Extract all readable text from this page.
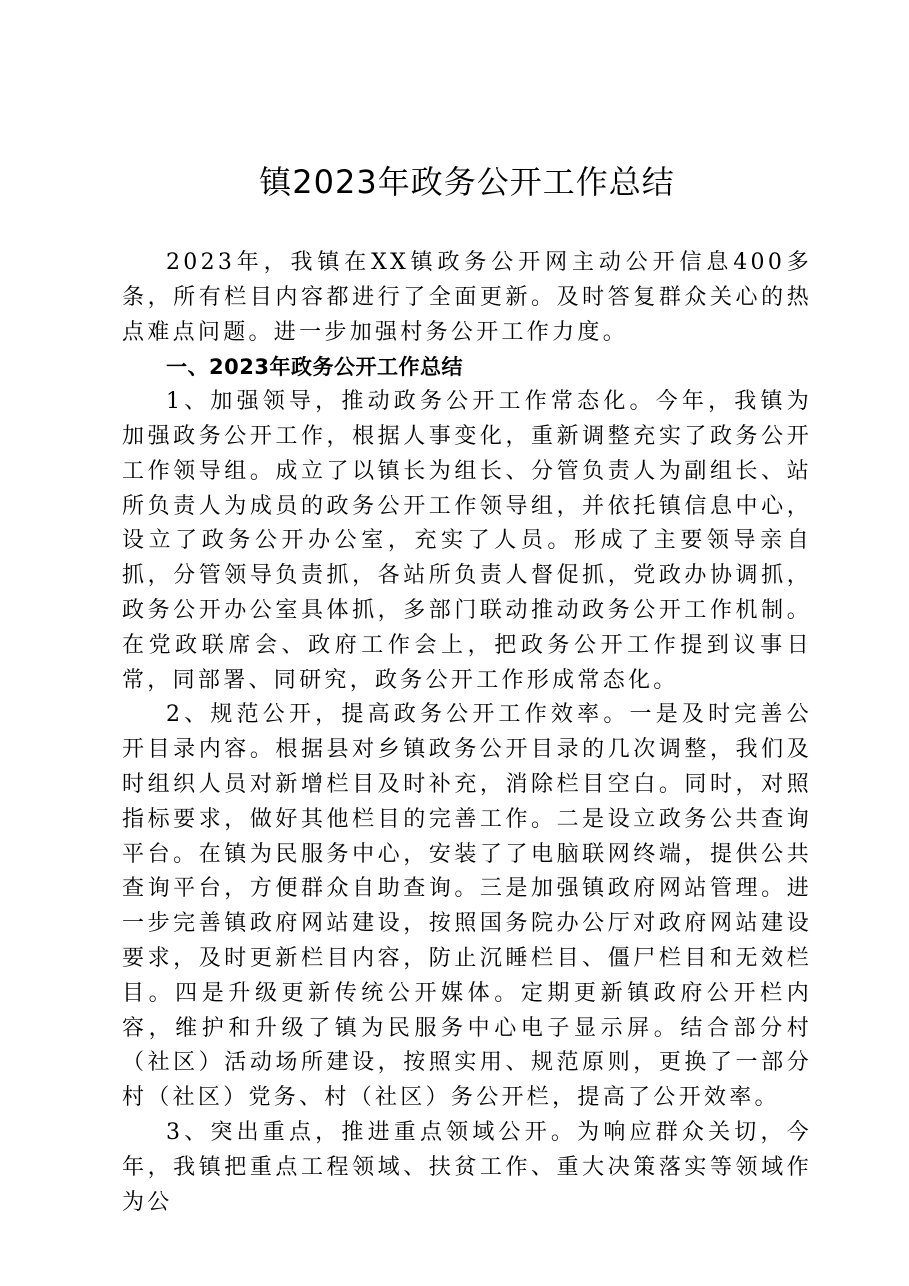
镇2023年政务公开工作总结

2023年，我镇在XX镇政务公开网主动公开信息400多条，所有栏目内容都进行了全面更新。及时答复群众关心的热点难点问题。进一步加强村务公开工作力度。

一、2023年政务公开工作总结

1、加强领导，推动政务公开工作常态化。今年，我镇为加强政务公开工作，根据人事变化，重新调整充实了政务公开工作领导组。成立了以镇长为组长、分管负责人为副组长、站所负责人为成员的政务公开工作领导组，并依托镇信息中心，设立了政务公开办公室，充实了人员。形成了主要领导亲自抓，分管领导负责抓，各站所负责人督促抓，党政办协调抓，政务公开办公室具体抓，多部门联动推动政务公开工作机制。在党政联席会、政府工作会上，把政务公开工作提到议事日常，同部署、同研究，政务公开工作形成常态化。

2、规范公开，提高政务公开工作效率。一是及时完善公开目录内容。根据县对乡镇政务公开目录的几次调整，我们及时组织人员对新增栏目及时补充，消除栏目空白。同时，对照指标要求，做好其他栏目的完善工作。二是设立政务公共查询平台。在镇为民服务中心，安装了了电脑联网终端，提供公共查询平台，方便群众自助查询。三是加强镇政府网站管理。进一步完善镇政府网站建设，按照国务院办公厅对政府网站建设要求，及时更新栏目内容，防止沉睡栏目、僵尸栏目和无效栏目。四是升级更新传统公开媒体。定期更新镇政府公开栏内容，维护和升级了镇为民服务中心电子显示屏。结合部分村（社区）活动场所建设，按照实用、规范原则，更换了一部分村（社区）党务、村（社区）务公开栏，提高了公开效率。

3、突出重点，推进重点领域公开。为响应群众关切，今年，我镇把重点工程领域、扶贫工作、重大决策落实等领域作为公
